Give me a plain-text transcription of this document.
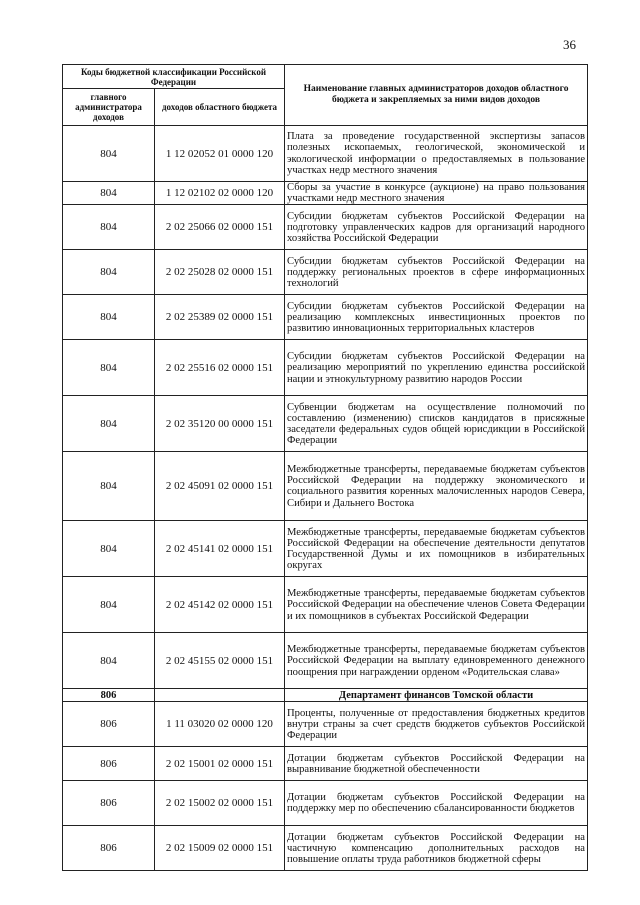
36
Коды бюджетной классификации Российской Федерации		Наименование главных администраторов доходов областного бюджета и закрепляемых за ними видов доходов
главного администратора доходов	доходов областного бюджета	
804	1 12 02052 01 0000 120	Плата за проведение государственной экспертизы запасов полезных ископаемых, геологической, экономической и экологической информации о предоставляемых в пользование участках недр местного значения
804	1 12 02102 02 0000 120	Сборы за участие в конкурсе (аукционе) на право пользования участками недр местного значения
804	2 02 25066 02 0000 151	Субсидии бюджетам субъектов Российской Федерации на подготовку управленческих кадров для организаций народного хозяйства Российской Федерации
804	2 02 25028 02 0000 151	Субсидии бюджетам субъектов Российской Федерации на поддержку региональных проектов в сфере информационных технологий
804	2 02 25389 02 0000 151	Субсидии бюджетам субъектов Российской Федерации на реализацию комплексных инвестиционных проектов по развитию инновационных территориальных кластеров
804	2 02 25516 02 0000 151	Субсидии бюджетам субъектов Российской Федерации на реализацию мероприятий по укреплению единства российской нации и этнокультурному развитию народов России
804	2 02 35120 00 0000 151	Субвенции бюджетам на осуществление полномочий по составлению (изменению) списков кандидатов в присяжные заседатели федеральных судов общей юрисдикции в Российской Федерации
804	2 02 45091 02 0000 151	Межбюджетные трансферты, передаваемые бюджетам субъектов Российской Федерации на поддержку экономического и социального развития коренных малочисленных народов Севера, Сибири и Дальнего Востока
804	2 02 45141 02 0000 151	Межбюджетные трансферты, передаваемые бюджетам субъектов Российской Федерации на обеспечение деятельности депутатов Государственной Думы и их помощников в избирательных округах
804	2 02 45142 02 0000 151	Межбюджетные трансферты, передаваемые бюджетам субъектов Российской Федерации на обеспечение членов Совета Федерации и их помощников в субъектах Российской Федерации
804	2 02 45155 02 0000 151	Межбюджетные трансферты, передаваемые бюджетам субъектов Российской Федерации на выплату единовременного денежного поощрения при награждении орденом «Родительская слава»
806		Департамент финансов Томской области
806	1 11 03020 02 0000 120	Проценты, полученные от предоставления бюджетных кредитов внутри страны за счет средств бюджетов субъектов Российской Федерации
806	2 02 15001 02 0000 151	Дотации бюджетам субъектов Российской Федерации на выравнивание бюджетной обеспеченности
806	2 02 15002 02 0000 151	Дотации бюджетам субъектов Российской Федерации на поддержку мер по обеспечению сбалансированности бюджетов
806	2 02 15009 02 0000 151	Дотации бюджетам субъектов Российской Федерации на частичную компенсацию дополнительных расходов на повышение оплаты труда работников бюджетной сферы
